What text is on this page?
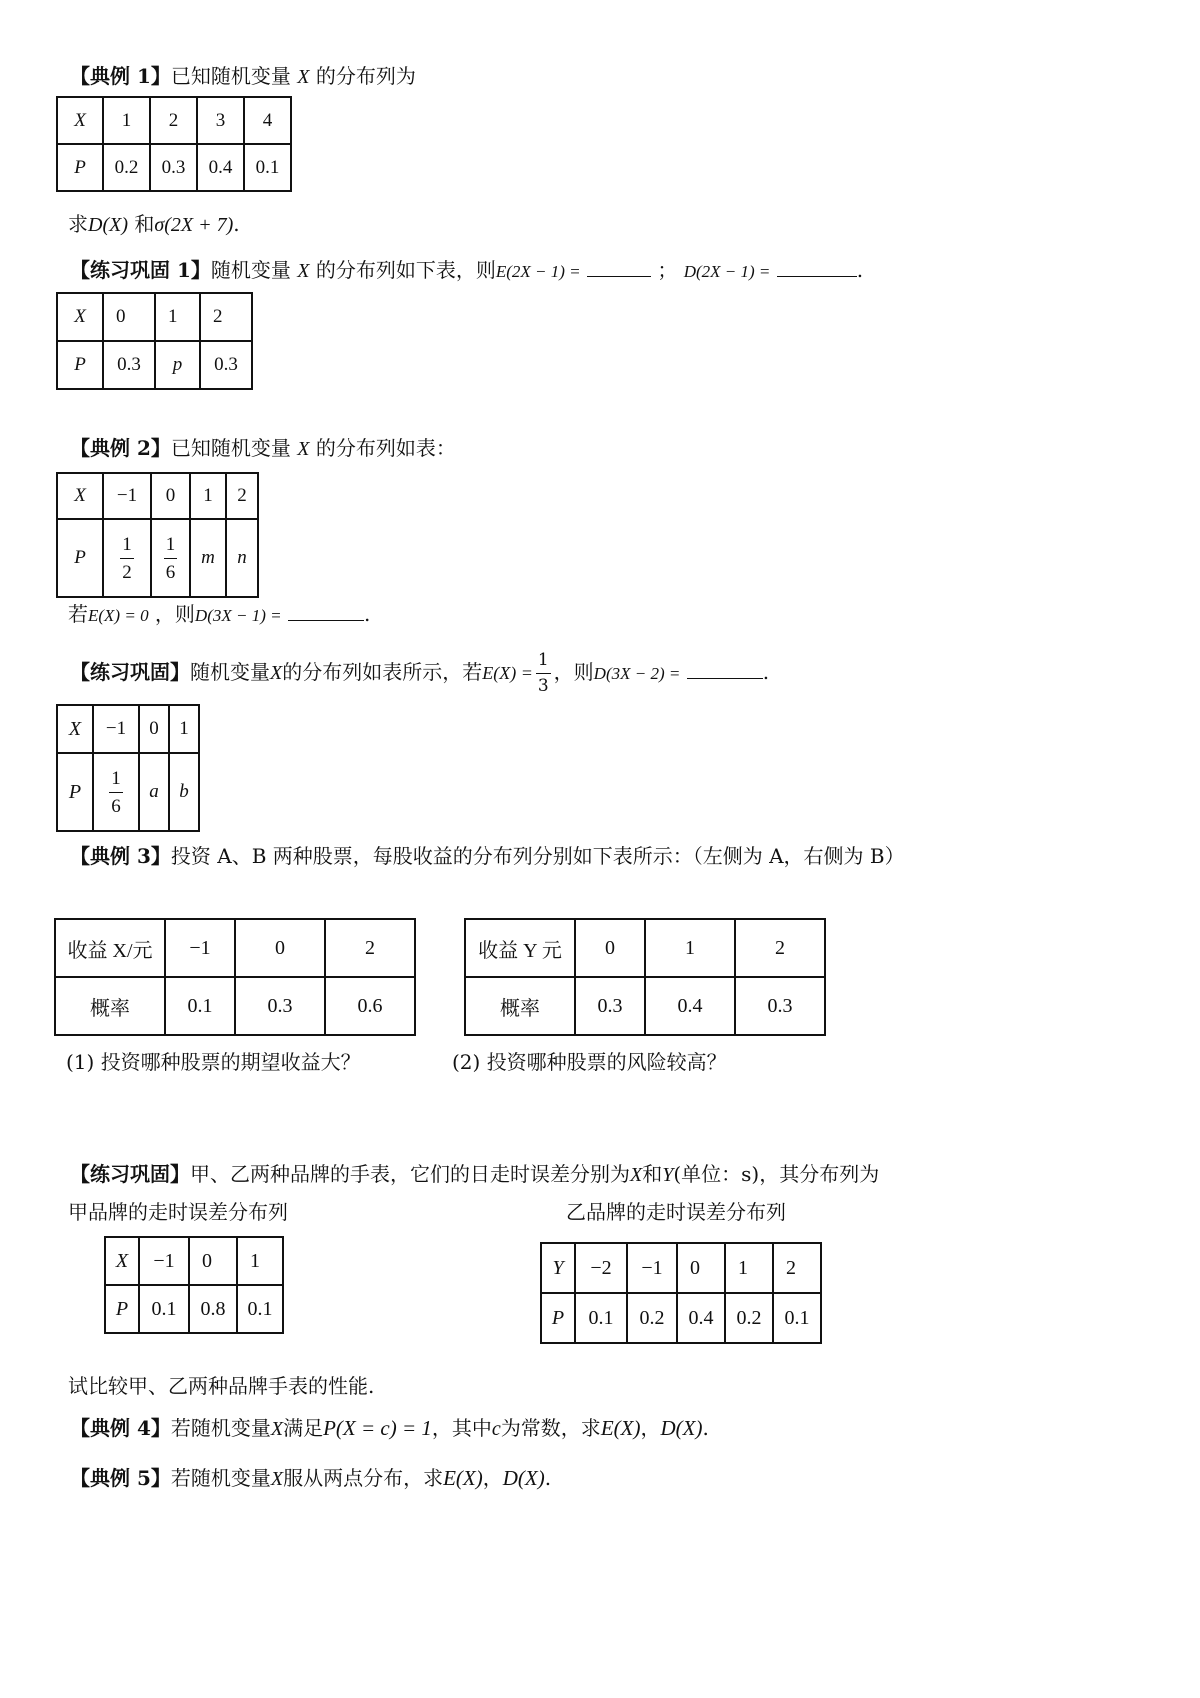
【典例 1】已知随机变量 X 的分布列为
X	1	2	3	4
P	0.2	0.3	0.4	0.1
求D(X) 和σ(2X + 7).
【练习巩固 1】随机变量 X 的分布列如下表，则E(2X − 1) =	； D(2X − 1) =	.
X	0	1	2
P	0.3	p	0.3
【典例 2】已知随机变量 X 的分布列如表：
X	−1	0	1	2
P	$\frac{1}{2}$	$\frac{1}{6}$	m	n
若E(X) = 0 ，则D(3X − 1) =	.
【练习巩固】随机变量X的分布列如表所示，若$E(X) = \frac{1}{3}$ ，则D(3X − 2) =	.
X	−1	0	1
P	$\frac{1}{6}$	a	b
【典例 3】投资 A、B 两种股票，每股收益的分布列分别如下表所示：（左侧为 A，右侧为 B）
收益 X/元	−1	0	2
概率	0.1	0.3	0.6
收益 Y 元	0	1	2
概率	0.3	0.4	0.3
(1) 投资哪种股票的期望收益大？	(2) 投资哪种股票的风险较高？
【练习巩固】甲、乙两种品牌的手表，它们的日走时误差分别为X和Y(单位：s)，其分布列为
甲品牌的走时误差分布列	乙品牌的走时误差分布列
X	−1	0	1
P	0.1	0.8	0.1
Y	−2	−1	0	1	2
P	0.1	0.2	0.4	0.2	0.1
试比较甲、乙两种品牌手表的性能.
【典例 4】若随机变量X满足P(X = c) = 1，其中c为常数，求E(X)，D(X).
【典例 5】若随机变量X服从两点分布，求E(X)，D(X).
